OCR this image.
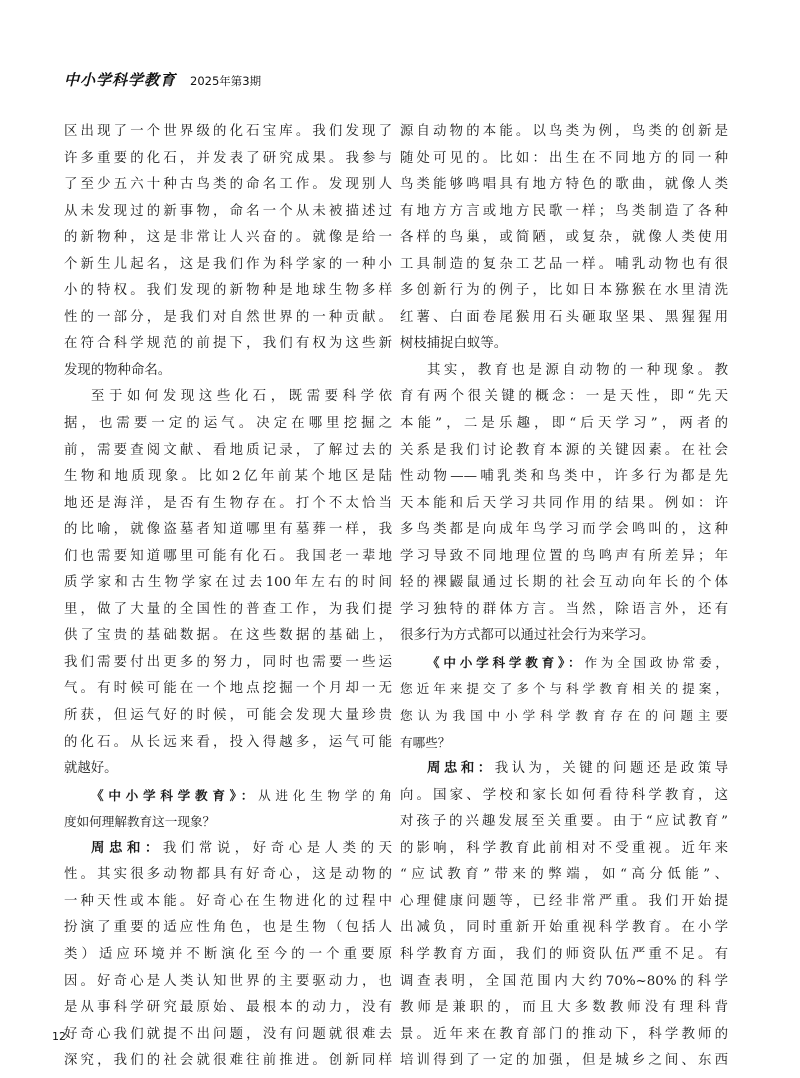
中小学科学教育 2025年第3期
区出现了一个世界级的化石宝库。我们发现了
许多重要的化石，并发表了研究成果。我参与
了至少五六十种古鸟类的命名工作。发现别人
从未发现过的新事物，命名一个从未被描述过
的新物种，这是非常让人兴奋的。就像是给一
个新生儿起名，这是我们作为科学家的一种小
小的特权。我们发现的新物种是地球生物多样
性的一部分，是我们对自然世界的一种贡献。
在符合科学规范的前提下，我们有权为这些新
发现的物种命名。
至于如何发现这些化石，既需要科学依
据，也需要一定的运气。决定在哪里挖掘之
前，需要查阅文献、看地质记录，了解过去的
生物和地质现象。比如2亿年前某个地区是陆
地还是海洋，是否有生物存在。打个不太恰当
的比喻，就像盗墓者知道哪里有墓葬一样，我
们也需要知道哪里可能有化石。我国老一辈地
质学家和古生物学家在过去100年左右的时间
里，做了大量的全国性的普查工作，为我们提
供了宝贵的基础数据。在这些数据的基础上，
我们需要付出更多的努力，同时也需要一些运
气。有时候可能在一个地点挖掘一个月却一无
所获，但运气好的时候，可能会发现大量珍贵
的化石。从长远来看，投入得越多，运气可能
就越好。
《中小学科学教育》：从进化生物学的角
度如何理解教育这一现象？
周忠和：我们常说，好奇心是人类的天
性。其实很多动物都具有好奇心，这是动物的
一种天性或本能。好奇心在生物进化的过程中
扮演了重要的适应性角色，也是生物（包括人
类）适应环境并不断演化至今的一个重要原
因。好奇心是人类认知世界的主要驱动力，也
是从事科学研究最原始、最根本的动力，没有
好奇心我们就提不出问题，没有问题就很难去
深究，我们的社会就很难往前推进。创新同样
源自动物的本能。以鸟类为例，鸟类的创新是
随处可见的。比如：出生在不同地方的同一种
鸟类能够鸣唱具有地方特色的歌曲，就像人类
有地方方言或地方民歌一样；鸟类制造了各种
各样的鸟巢，或简陋，或复杂，就像人类使用
工具制造的复杂工艺品一样。哺乳动物也有很
多创新行为的例子，比如日本猕猴在水里清洗
红薯、白面卷尾猴用石头砸取坚果、黑猩猩用
树枝捕捉白蚁等。
其实，教育也是源自动物的一种现象。教
育有两个很关键的概念：一是天性，即“先天
本能”，二是乐趣，即“后天学习”，两者的
关系是我们讨论教育本源的关键因素。在社会
性动物——哺乳类和鸟类中，许多行为都是先
天本能和后天学习共同作用的结果。例如：许
多鸟类都是向成年鸟学习而学会鸣叫的，这种
学习导致不同地理位置的鸟鸣声有所差异；年
轻的裸鼹鼠通过长期的社会互动向年长的个体
学习独特的群体方言。当然，除语言外，还有
很多行为方式都可以通过社会行为来学习。
《中小学科学教育》：作为全国政协常委，
您近年来提交了多个与科学教育相关的提案，
您认为我国中小学科学教育存在的问题主要
有哪些？
周忠和：我认为，关键的问题还是政策导
向。国家、学校和家长如何看待科学教育，这
对孩子的兴趣发展至关重要。由于“应试教育”
的影响，科学教育此前相对不受重视。近年来
“应试教育”带来的弊端，如“高分低能”、
心理健康问题等，已经非常严重。我们开始提
出减负，同时重新开始重视科学教育。在小学
科学教育方面，我们的师资队伍严重不足。有
调查表明，全国范围内大约70%~80%的科学
教师是兼职的，而且大多数教师没有理科背
景。近年来在教育部门的推动下，科学教师的
培训得到了一定的加强，但是城乡之间、东西
12
